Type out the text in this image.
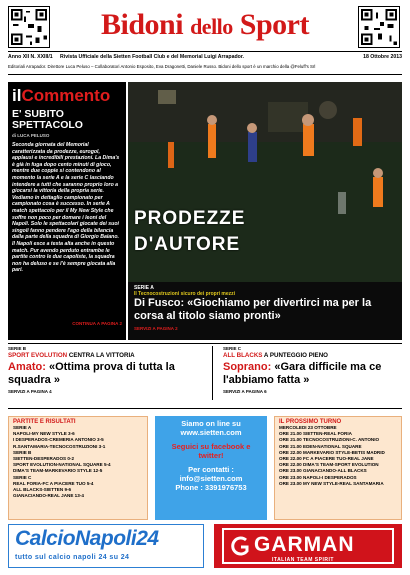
Bidoni dello Sport
Anno XII N. XXIII/1 Rivista Ufficiale della Sietten Football Club e del Memorial Luigi Arrapador.	18 Ottobre 2013
Editoriali Arrapador. Direttore Luca Peluso – Collaboratori Antonio Esposito, Eva Dragonetti, Daniele Russo. Bidoni dello sport è un marchio della @Feluff's Srl
ilCommento
E' SUBITO SPETTACOLO
di LUCA PELUSO
Seconda giornata del Memorial caratterizzata da prodezze, eurogol, applausi e incredibili prestazioni. La Dima's è già in fuga dopo cento minuti di gioco, mentre due coppie si contendono al momento la serie A e la serie C lasciando intendere a tutti che saranno proprio loro a giocarsi la vittoria della propria serie. Vediamo in dettaglio campionato per campionato cosa è successo. In serie A match spettacolo per il My New Style che soffre non poco per domare i leoni del Napoli. Solo le spettacolari giocate dei suoi singoli fanno pendere l'ago della bilancia dalla parte della squadra di Giorgio Baiano. Il Napoli esce a testa alta anche in questo match. Pur avendo perduto entrambe le partite contro le due capoliste, la squadra non ha deluso e se l'è sempre giocata alla pari.
CONTINUA A PAGINA 2
PRODEZZE
D'AUTORE
SERIE A
Il Tecnocostruzioni sicuro dei propri mezzi
Di Fusco: «Giochiamo per divertirci ma per la corsa al titolo siamo pronti»
SERVIZI A PAGINA 2
SERIE B
SPORT EVOLUTION CENTRA LA VITTORIA
Amato: «Ottima prova di tutta la squadra »
SERVIZI A PAGINA 4
SERIE C
ALL BLACKS A PUNTEGGIO PIENO
Soprano: «Gara difficile ma ce l'abbiamo fatta »
SERVIZI A PAGINA 6
PARTITE E RISULTATI
SERIE A
NAPOLI-MY NEW STYLE 3-6
I DESPERADOS-CREMERIA ANTONIO 3-5
R.SANTAMARIA-TECNOCOSTRUZIONI 3-1
SERIE B
SIETTEN-DESPERADOS 0-2
SPORT EVOLUTION-NATIONAL SQUARE 5-4
DIMA'S TEAM-MARKEVARIO STYLE 12-5
SERIE C
REAL FORIA-FC A PIACERE TUO 5-4
ALL BLACKS-SIETTEN 9-6
GIANACIANDO-REAL JANE 13-4
Siamo on line su www.sietten.com
Seguici su facebook e twitter!
Per contatti : info@sietten.com
Phone : 3391976753
IL PROSSIMO TURNO
MERCOLEDI 23 OTTOBRE
ORE 21.00 SIETTEN-REAL FORIA
ORE 21.00 TECNOCOSTRUZIONI-C. ANTONIO
ORE 21.00 EDEN-NATIONAL SQUARE
ORE 22.00 MARKEVARIO STYLE-BETIS MADRID
ORE 22.00 FC A PIACERE TUO-REAL JANE
ORE 22.00 DIMA'S TEAM-SPORT EVOLUTION
ORE 23.00 GIANACIANDO-ALL BLACKS
ORE 23.00 NAPOLI-I DESPERADOS
ORE 23.00 MY NEW STYLE-REAL SANTAMARIA
CalcioNapoli24
tutto sul calcio napoli 24 su 24
GARMAN
ITALIAN TEAM SPIRIT
